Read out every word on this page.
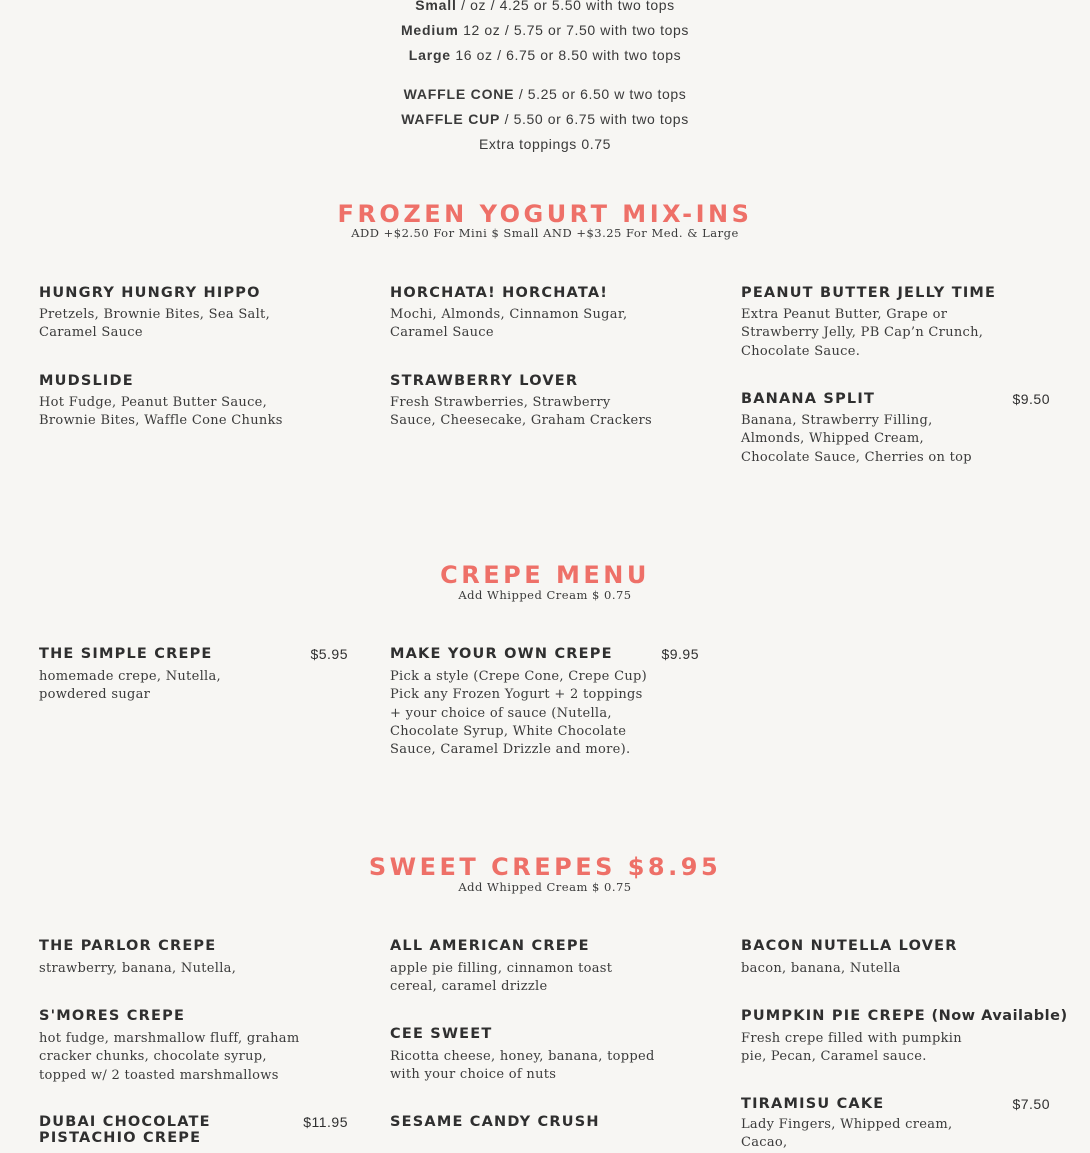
Small / oz / 4.25 or 5.50 with two tops
Medium 12 oz / 5.75 or 7.50 with two tops
Large 16 oz / 6.75 or 8.50 with two tops
WAFFLE CONE / 5.25 or 6.50 w two tops
WAFFLE CUP / 5.50 or 6.75 with two tops
Extra toppings 0.75
FROZEN YOGURT MIX-INS
ADD +$2.50 For Mini $ Small AND +$3.25 For Med. & Large
HUNGRY HUNGRY HIPPO
Pretzels, Brownie Bites, Sea Salt, Caramel Sauce
HORCHATA! HORCHATA!
Mochi, Almonds, Cinnamon Sugar, Caramel Sauce
PEANUT BUTTER JELLY TIME
Extra Peanut Butter, Grape or Strawberry Jelly, PB Cap’n Crunch, Chocolate Sauce.
MUDSLIDE
Hot Fudge, Peanut Butter Sauce, Brownie Bites, Waffle Cone Chunks
STRAWBERRY LOVER
Fresh Strawberries, Strawberry Sauce, Cheesecake, Graham Crackers
BANANA SPLIT
Banana, Strawberry Filling, Almonds, Whipped Cream, Chocolate Sauce, Cherries on top
$9.50
CREPE MENU
Add Whipped Cream $ 0.75
THE SIMPLE CREPE
homemade crepe, Nutella, powdered sugar
$5.95	MAKE YOUR OWN CREPE
Pick a style (Crepe Cone, Crepe Cup) Pick any Frozen Yogurt + 2 toppings + your choice of sauce (Nutella, Chocolate Syrup, White Chocolate Sauce, Caramel Drizzle and more).
$9.95
SWEET CREPES $8.95
Add Whipped Cream $ 0.75
THE PARLOR CREPE
strawberry, banana, Nutella,
ALL AMERICAN CREPE
apple pie filling, cinnamon toast cereal, caramel drizzle
BACON NUTELLA LOVER
bacon, banana, Nutella
S'MORES CREPE
hot fudge, marshmallow fluff, graham cracker chunks, chocolate syrup, topped w/ 2 toasted marshmallows
CEE SWEET
Ricotta cheese, honey, banana, topped with your choice of nuts
PUMPKIN PIE CREPE (Now Available)
Fresh crepe filled with pumpkin pie, Pecan, Caramel sauce.
DUBAI CHOCOLATE PISTACHIO CREPE
$11.95	SESAME CANDY CRUSH
TIRAMISU CAKE
Lady Fingers, Whipped cream, Cacao,
$7.50
